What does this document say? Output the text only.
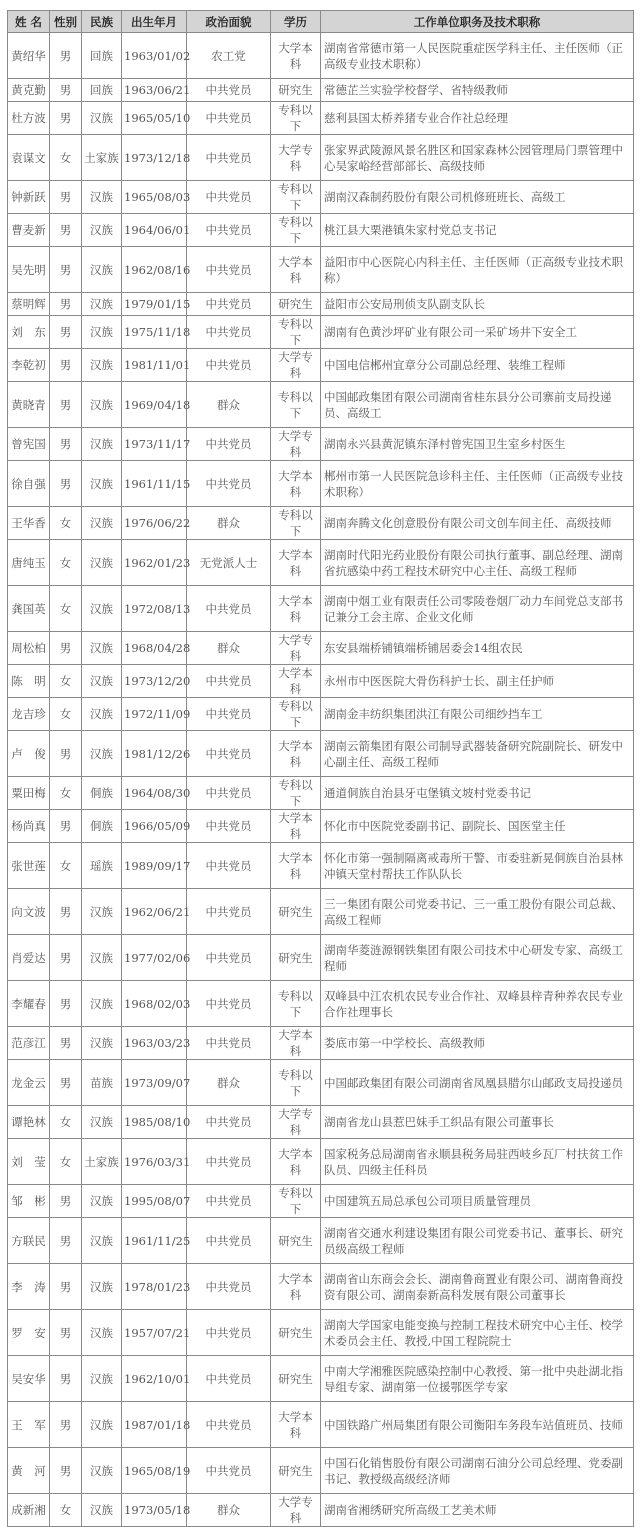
姓 名	性别	民族	出生年月	政治面貌	学历	工作单位职务及技术职称
黄绍华	男	回族	1963/01/02	农工党	大学本科	湖南省常德市第一人民医院重症医学科主任、主任医师（正高级专业技术职称）
黄克勤	男	回族	1963/06/21	中共党员	研究生	常德芷兰实验学校督学、省特级教师
杜方波	男	汉族	1965/05/10	中共党员	专科以下	慈利县国太桥养猪专业合作社总经理
袁谋文	女	土家族	1973/12/18	中共党员	大学专科	张家界武陵源风景名胜区和国家森林公园管理局门票管理中心吴家峪经营部部长、高级技师
钟新跃	男	汉族	1965/08/03	中共党员	专科以下	湖南汉森制药股份有限公司机修班班长、高级工
曹麦新	男	汉族	1964/06/01	中共党员	专科以下	桃江县大栗港镇朱家村党总支书记
吴先明	男	汉族	1962/08/16	中共党员	大学本科	益阳市中心医院心内科主任、主任医师（正高级专业技术职称）
蔡明辉	男	汉族	1979/01/15	中共党员	研究生	益阳市公安局刑侦支队副支队长
刘　东	男	汉族	1975/11/18	中共党员	专科以下	湖南有色黄沙坪矿业有限公司一采矿场井下安全工
李乾初	男	汉族	1981/11/01	中共党员	大学专科	中国电信郴州宜章分公司副总经理、装维工程师
黄晓青	男	汉族	1969/04/18	群众	专科以下	中国邮政集团有限公司湖南省桂东县分公司寨前支局投递员、高级工
曾宪国	男	汉族	1973/11/17	中共党员	大学专科	湖南永兴县黄泥镇东泽村曾宪国卫生室乡村医生
徐自强	男	汉族	1961/11/15	中共党员	大学本科	郴州市第一人民医院急诊科主任、主任医师（正高级专业技术职称）
王华香	女	汉族	1976/06/22	群众	专科以下	湖南奔腾文化创意股份有限公司文创车间主任、高级技师
唐纯玉	女	汉族	1962/01/23	无党派人士	大学本科	湖南时代阳光药业股份有限公司执行董事、副总经理、湖南省抗感染中药工程技术研究中心主任、高级工程师
龚国英	女	汉族	1972/08/13	中共党员	大学本科	湖南中烟工业有限责任公司零陵卷烟厂动力车间党总支部书记兼分工会主席、企业文化师
周松柏	男	汉族	1968/04/28	群众	大学专科	东安县端桥铺镇端桥铺居委会14组农民
陈　明	女	汉族	1973/12/20	中共党员	大学本科	永州市中医医院大骨伤科护士长、副主任护师
龙吉珍	女	汉族	1972/11/09	中共党员	专科以下	湖南金丰纺织集团洪江有限公司细纱挡车工
卢　俊	男	汉族	1981/12/26	中共党员	大学本科	湖南云箭集团有限公司制导武器装备研究院副院长、研发中心副主任、高级工程师
粟田梅	女	侗族	1964/08/30	中共党员	专科以下	通道侗族自治县牙屯堡镇文坡村党委书记
杨尚真	男	侗族	1966/05/09	中共党员	大学本科	怀化市中医院党委副书记、副院长、国医堂主任
张世莲	女	瑶族	1989/09/17	中共党员	大学本科	怀化市第一强制隔离戒毒所干警、市委驻新晃侗族自治县林冲镇天堂村帮扶工作队队长
向文波	男	汉族	1962/06/21	中共党员	研究生	三一集团有限公司党委书记、三一重工股份有限公司总裁、高级工程师
肖爱达	男	汉族	1977/02/06	中共党员	研究生	湖南华菱涟源钢铁集团有限公司技术中心研发专家、高级工程师
李耀春	男	汉族	1968/02/03	中共党员	专科以下	双峰县中江农机农民专业合作社、双峰县梓青种养农民专业合作社理事长
范彦江	男	汉族	1963/03/23	中共党员	大学本科	娄底市第一中学校长、高级教师
龙金云	男	苗族	1973/09/07	群众	专科以下	中国邮政集团有限公司湖南省凤凰县腊尔山邮政支局投递员
谭艳林	女	汉族	1985/08/10	中共党员	大学专科	湖南省龙山县惹巴妹手工织品有限公司董事长
刘　莹	女	土家族	1976/03/31	中共党员	大学本科	国家税务总局湖南省永顺县税务局驻西岐乡瓦厂村扶贫工作队员、四级主任科员
邹　彬	男	汉族	1995/08/07	中共党员	专科以下	中国建筑五局总承包公司项目质量管理员
方联民	男	汉族	1961/11/25	中共党员	研究生	湖南省交通水利建设集团有限公司党委书记、董事长、研究员级高级工程师
李　涛	男	汉族	1978/01/23	中共党员	大学本科	湖南省山东商会会长、湖南鲁商置业有限公司、湖南鲁商投资有限公司、湖南泰新高科发展有限公司董事长
罗　安	男	汉族	1957/07/21	中共党员	研究生	湖南大学国家电能变换与控制工程技术研究中心主任、校学术委员会主任、教授,中国工程院院士
吴安华	男	汉族	1962/10/01	中共党员	研究生	中南大学湘雅医院感染控制中心教授、第一批中央赴湖北指导组专家、湖南第一位援鄂医学专家
王　军	男	汉族	1987/01/18	中共党员	大学本科	中国铁路广州局集团有限公司衡阳车务段车站值班员、技师
黄　河	男	汉族	1965/08/19	中共党员	研究生	中国石化销售股份有限公司湖南石油分公司总经理、党委副书记、教授级高级经济师
成新湘	女	汉族	1973/05/18	群众	大学专科	湖南省湘绣研究所高级工艺美术师
